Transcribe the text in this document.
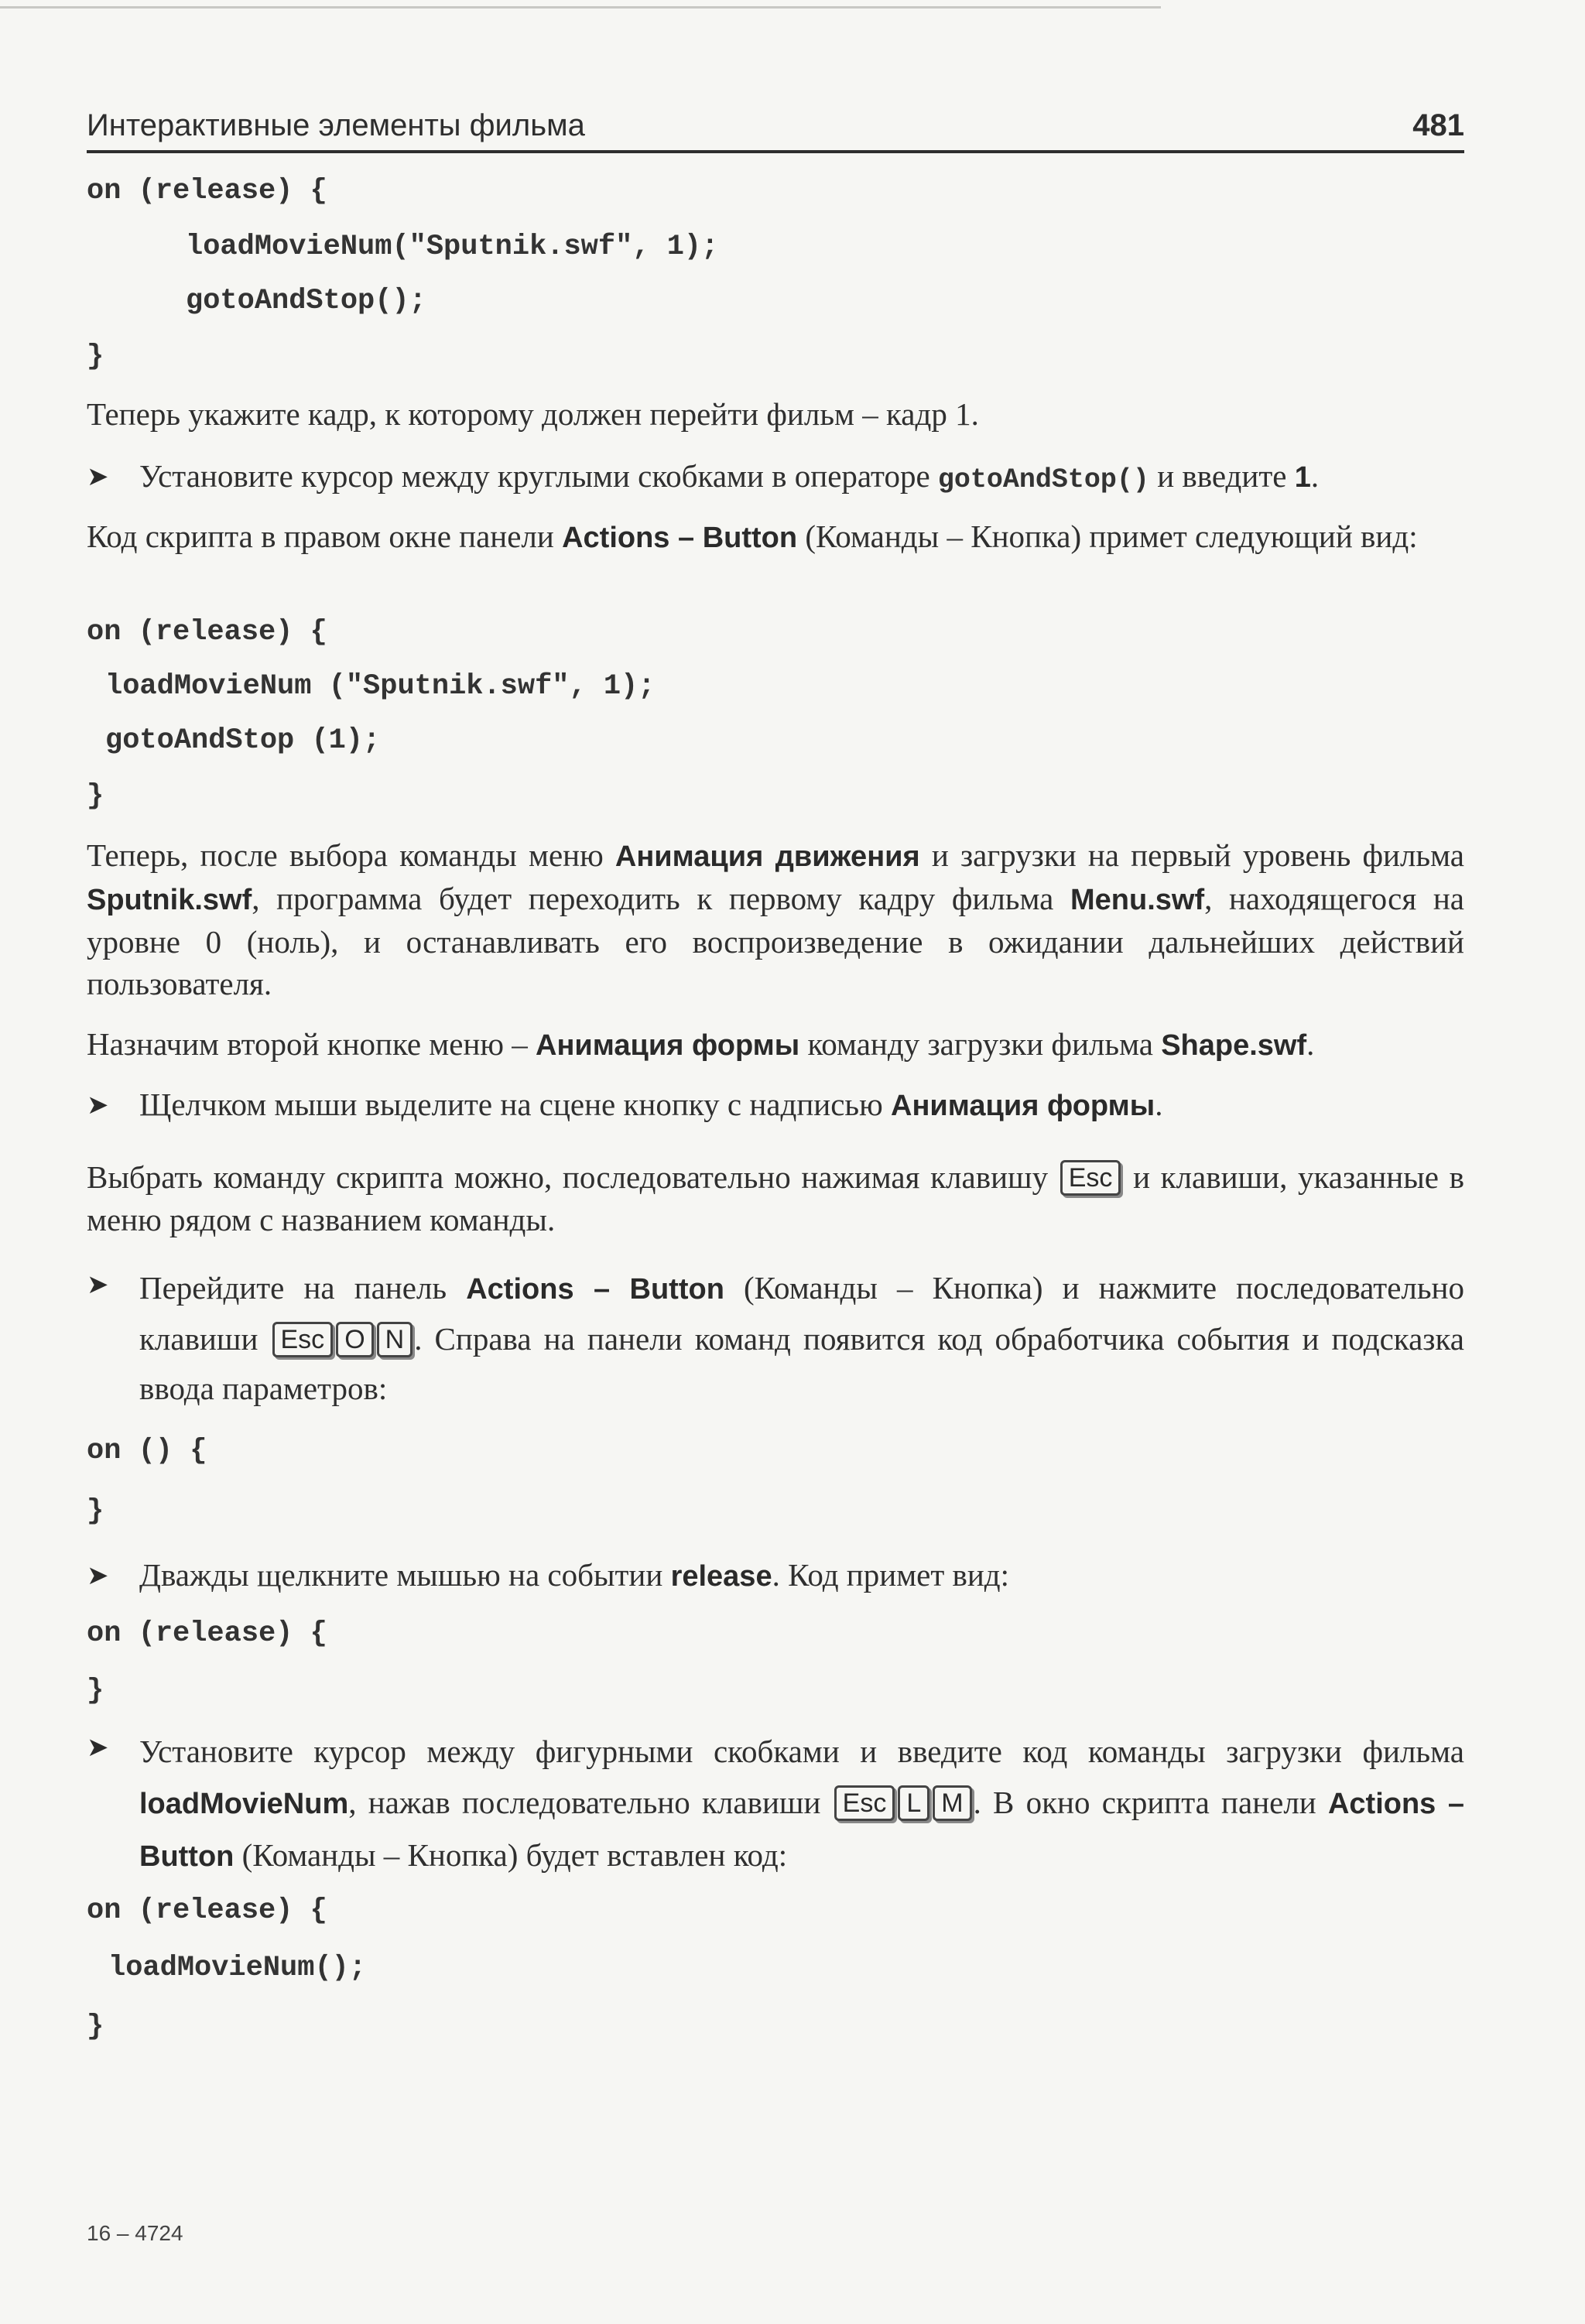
Интерактивные элементы фильма	481
on (release) {
loadMovieNum("Sputnik.swf", 1);
gotoAndStop();
}
Теперь укажите кадр, к которому должен перейти фильм – кадр 1.
➤ Установите курсор между круглыми скобками в операторе gotoAndStop() и введите 1.
Код скрипта в правом окне панели Actions – Button (Команды – Кнопка) примет следующий вид:
on (release) {
loadMovieNum ("Sputnik.swf", 1);
gotoAndStop (1);
}
Теперь, после выбора команды меню Анимация движения и загрузки на первый уровень фильма Sputnik.swf, программа будет переходить к первому кадру фильма Menu.swf, находящегося на уровне 0 (ноль), и останавливать его воспроизведение в ожидании дальнейших действий пользователя.
Назначим второй кнопке меню – Анимация формы команду загрузки фильма Shape.swf.
➤ Щелчком мыши выделите на сцене кнопку с надписью Анимация формы.
Выбрать команду скрипта можно, последовательно нажимая клавишу Esc и клавиши, указанные в меню рядом с названием команды.
➤ Перейдите на панель Actions – Button (Команды – Кнопка) и нажмите последовательно клавиши Esc O N . Справа на панели команд появится код обработчика события и подсказка ввода параметров:
on () {
}
➤ Дважды щелкните мышью на событии release. Код примет вид:
on (release) {
}
➤ Установите курсор между фигурными скобками и введите код команды загрузки фильма loadMovieNum, нажав последовательно клавиши Esc L M . В окно скрипта панели Actions – Button (Команды – Кнопка) будет вставлен код:
on (release) {
loadMovieNum();
}
16 – 4724
